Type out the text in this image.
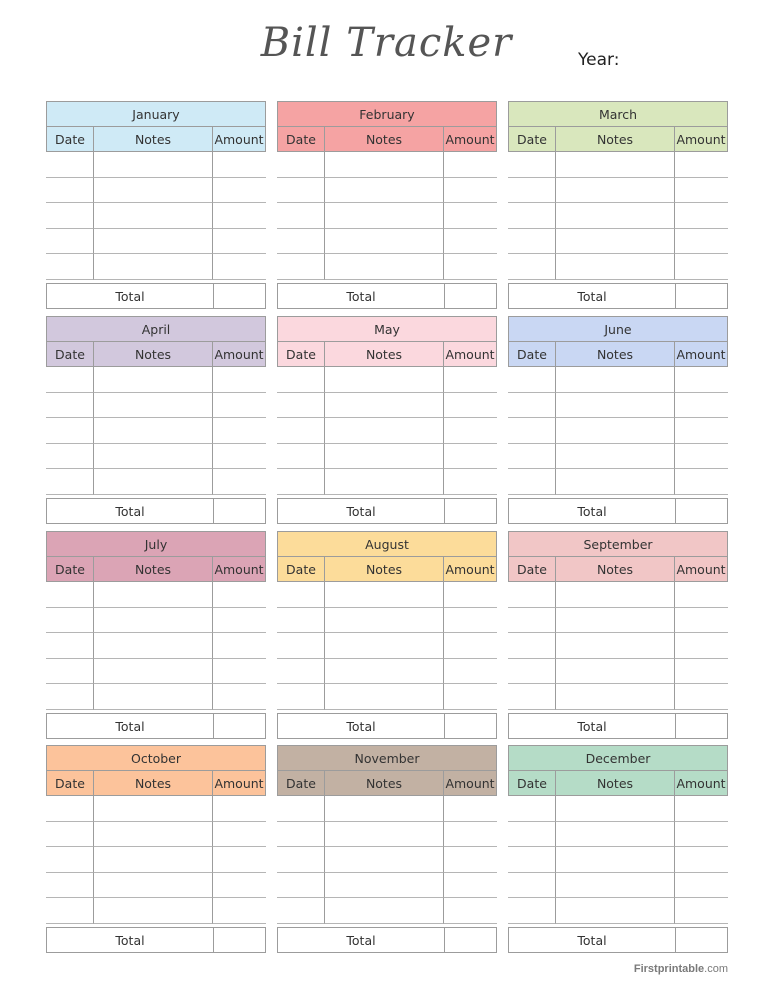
Bill Tracker	Year:
January
Date	Notes	Amount
Total
February
Date	Notes	Amount
Total
March
Date	Notes	Amount
Total
April
Date	Notes	Amount
Total
May
Date	Notes	Amount
Total
June
Date	Notes	Amount
Total
July
Date	Notes	Amount
Total
August
Date	Notes	Amount
Total
September
Date	Notes	Amount
Total
October
Date	Notes	Amount
Total
November
Date	Notes	Amount
Total
December
Date	Notes	Amount
Total
Firstprintable.com
